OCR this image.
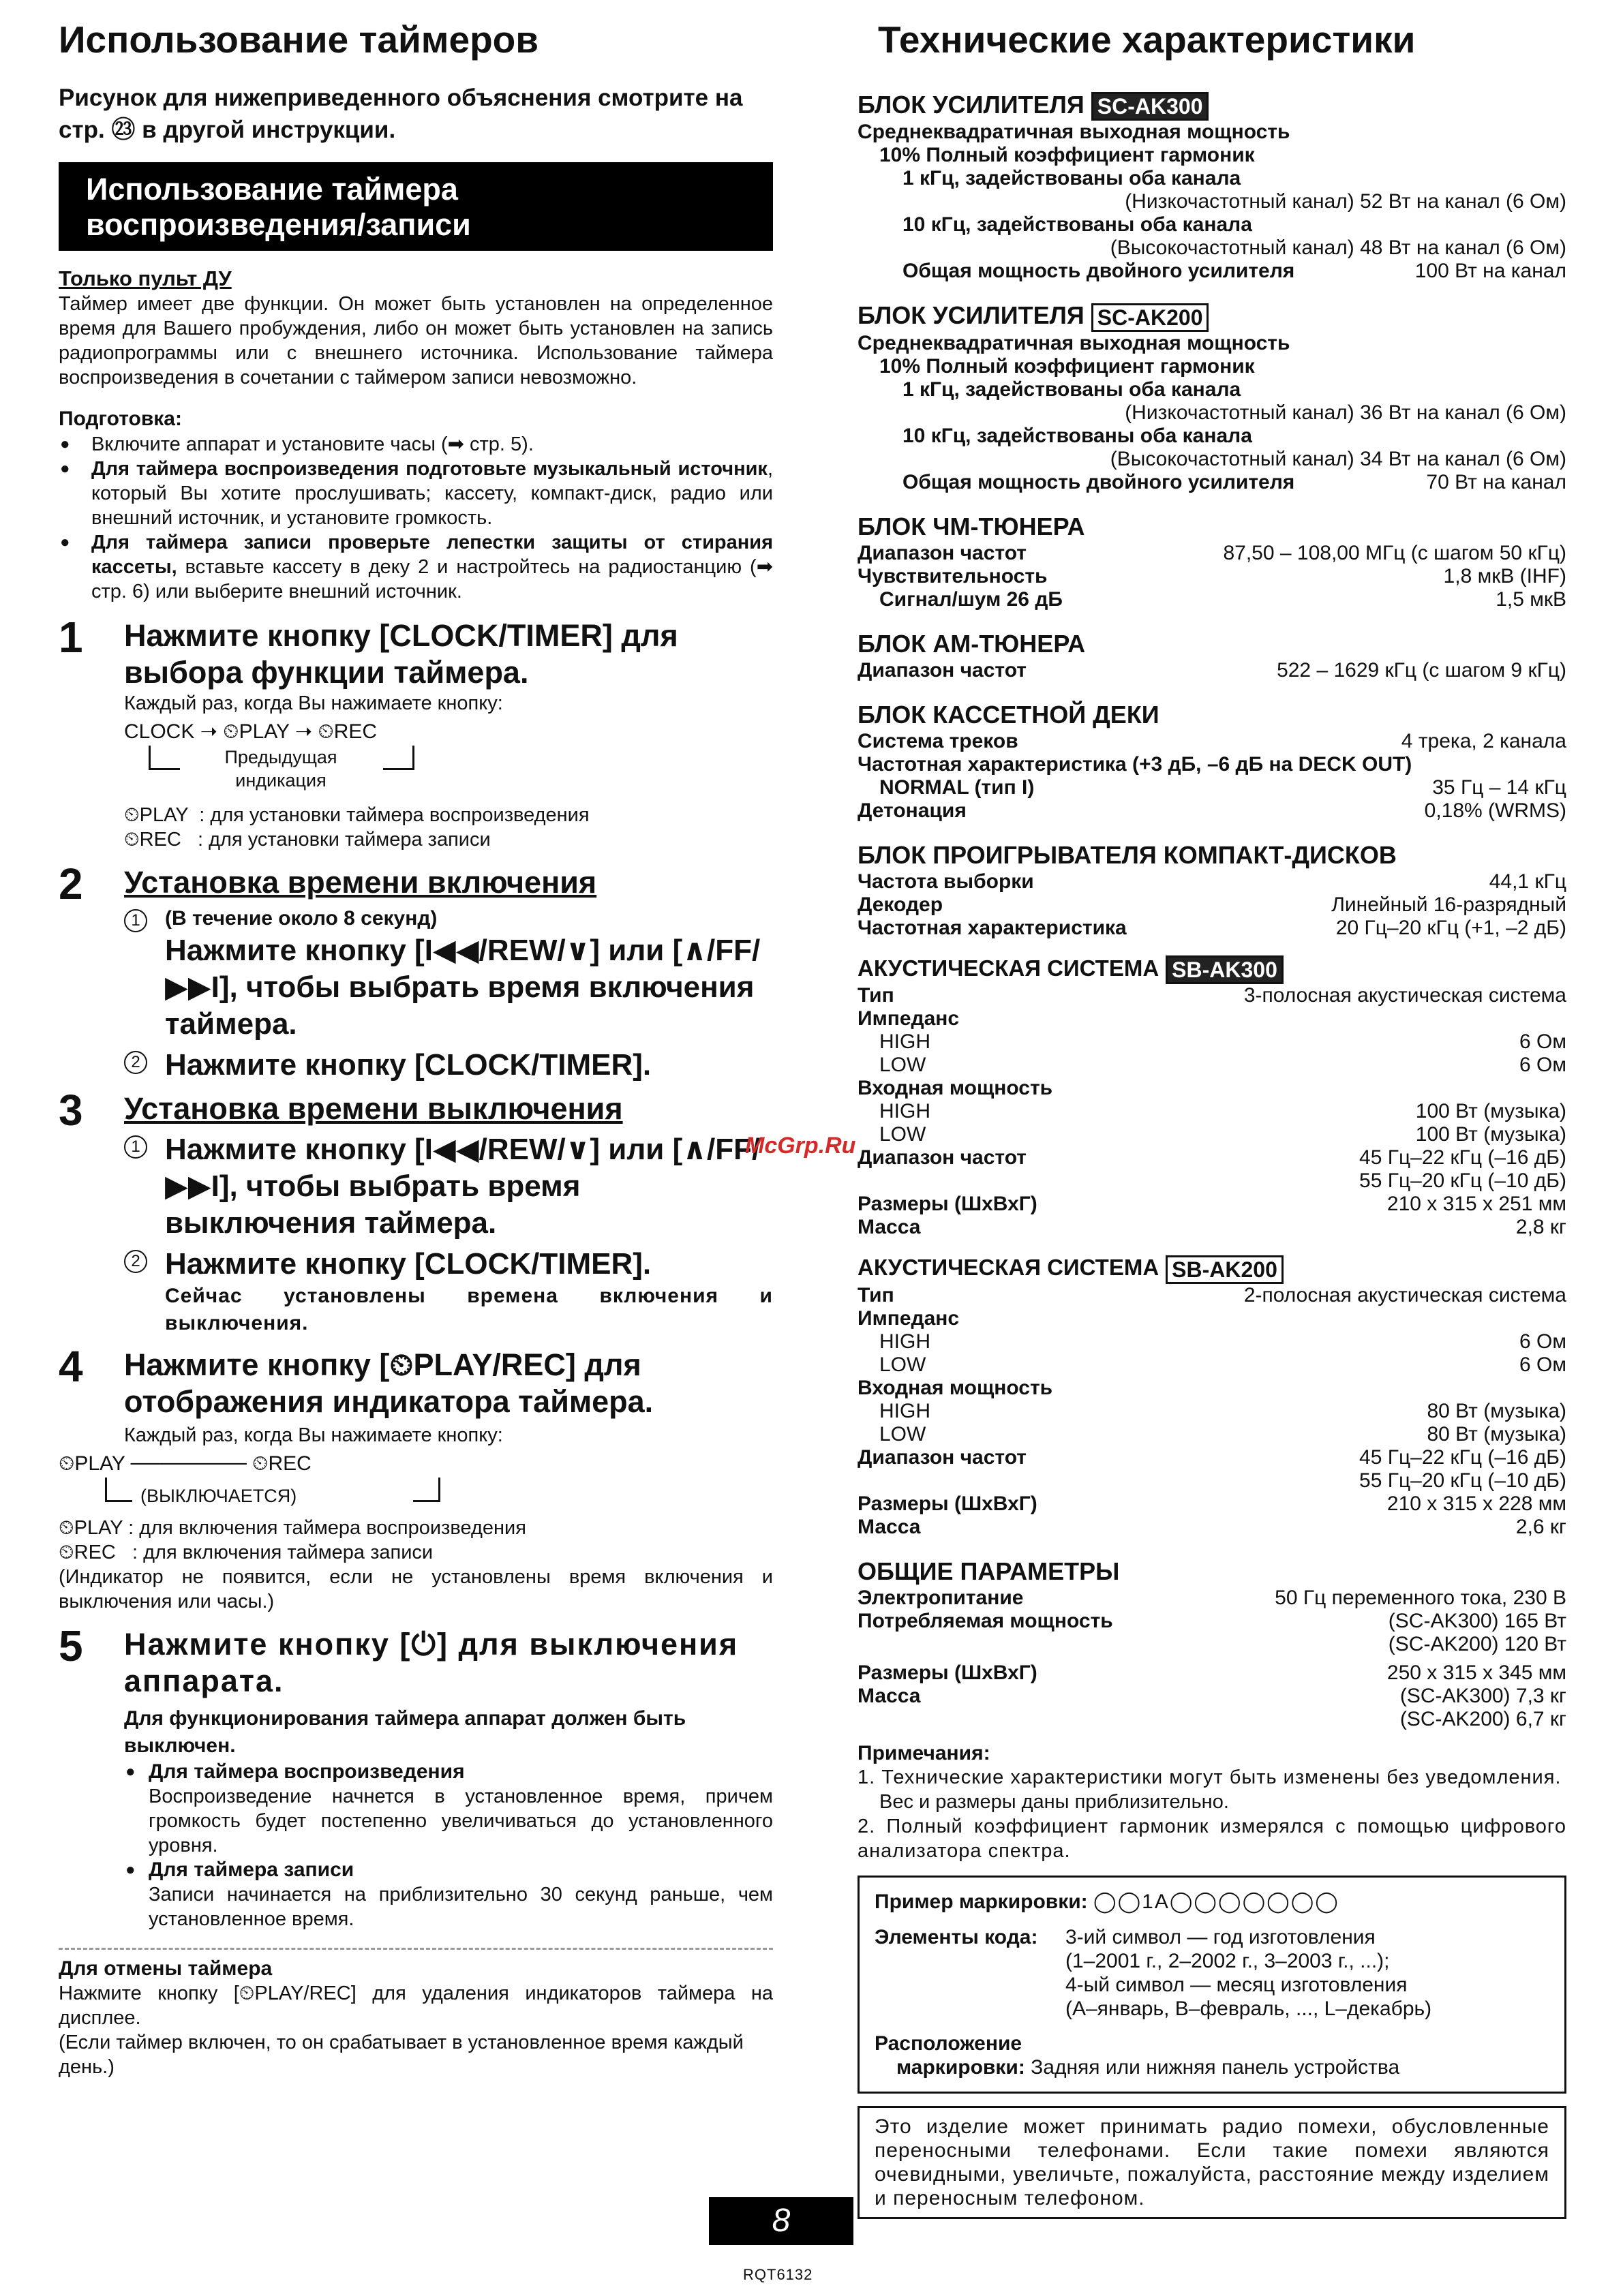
Использование таймеров
Рисунок для нижеприведенного объяснения смотрите на стр. ㉓ в другой инструкции.
Использование таймера
воспроизведения/записи
Только пульт ДУ
Таймер имеет две функции. Он может быть установлен на определенное время для Вашего пробуждения, либо он может быть установлен на запись радиопрограммы или с внешнего источника. Использование таймера воспроизведения в сочетании с таймером записи невозможно.
Подготовка:
● Включите аппарат и установите часы (➡ стр. 5).
● Для таймера воспроизведения подготовьте музыкальный источник, который Вы хотите прослушивать; кассету, компакт-диск, радио или внешний источник, и установите громкость.
● Для таймера записи проверьте лепестки защиты от стирания кассеты, вставьте кассету в деку 2 и настройтесь на радиостанцию (➡ стр. 6) или выберите внешний источник.
1 Нажмите кнопку [CLOCK/TIMER] для выбора функции таймера.
Каждый раз, когда Вы нажимаете кнопку:
CLOCK ➝ ⏲PLAY ➝ ⏲REC
Предыдущая
индикация
⏲PLAY  : для установки таймера воспроизведения
⏲REC   : для установки таймера записи
2 Установка времени включения
1	(В течение около 8 секунд)
Нажмите кнопку [I◀◀/REW/∨] или [∧/FF/▶▶I], чтобы выбрать время включения таймера.
2 Нажмите кнопку [CLOCK/TIMER].
3 Установка времени выключения
1 Нажмите кнопку [I◀◀/REW/∨] или [∧/FF/▶▶I], чтобы выбрать время выключения таймера.
2 Нажмите кнопку [CLOCK/TIMER].
Сейчас установлены времена включения и выключения.
4 Нажмите кнопку [⏲PLAY/REC] для отображения индикатора таймера.
Каждый раз, когда Вы нажимаете кнопку:
⏲PLAY ──────── ⏲REC
(ВЫКЛЮЧАЕТСЯ)
⏲PLAY : для включения таймера воспроизведения
⏲REC   : для включения таймера записи
(Индикатор не появится, если не установлены время включения и выключения или часы.)
5 Нажмите кнопку [⏻] для выключения аппарата.
Для функционирования таймера аппарат должен быть выключен.
● Для таймера воспроизведения
Воспроизведение начнется в установленное время, причем громкость будет постепенно увеличиваться до установленного уровня.
● Для таймера записи
Записи начинается на приблизительно 30 секунд раньше, чем установленное время.
Для отмены таймера
Нажмите кнопку [⏲PLAY/REC] для удаления индикаторов таймера на дисплее.
(Если таймер включен, то он срабатывает в установленное время каждый день.)
Технические характеристики
БЛОК УСИЛИТЕЛЯ SC-AK300
Среднеквадратичная выходная мощность
10% Полный коэффициент гармоник
1 кГц, задействованы оба канала
(Низкочастотный канал) 52 Вт на канал (6 Ом)
10 кГц, задействованы оба канала
(Высокочастотный канал) 48 Вт на канал (6 Ом)
Общая мощность двойного усилителя	100 Вт на канал
БЛОК УСИЛИТЕЛЯ SC-AK200
Среднеквадратичная выходная мощность
10% Полный коэффициент гармоник
1 кГц, задействованы оба канала
(Низкочастотный канал) 36 Вт на канал (6 Ом)
10 кГц, задействованы оба канала
(Высокочастотный канал) 34 Вт на канал (6 Ом)
Общая мощность двойного усилителя	70 Вт на канал
БЛОК ЧМ-ТЮНЕРА
Диапазон частот	87,50 – 108,00 МГц (с шагом 50 кГц)
Чувствительность	1,8 мкВ (IHF)
Сигнал/шум 26 дБ	1,5 мкВ
БЛОК АМ-ТЮНЕРА
Диапазон частот	522 – 1629 кГц (с шагом 9 кГц)
БЛОК КАССЕТНОЙ ДЕКИ
Система треков	4 трека, 2 канала
Частотная характеристика (+3 дБ, –6 дБ на DECK OUT)
NORMAL (тип I)	35 Гц – 14 кГц
Детонация	0,18% (WRMS)
БЛОК ПРОИГРЫВАТЕЛЯ КОМПАКТ-ДИСКОВ
Частота выборки	44,1 кГц
Декодер	Линейный 16-разрядный
Частотная характеристика	20 Гц–20 кГц (+1, –2 дБ)
АКУСТИЧЕСКАЯ СИСТЕМА SB-AK300
Тип	3-полосная акустическая система
Импеданс
HIGH	6 Ом
LOW	6 Ом
Входная мощность
HIGH	100 Вт (музыка)
LOW	100 Вт (музыка)
Диапазон частот	45 Гц–22 кГц (–16 дБ)
55 Гц–20 кГц (–10 дБ)
Размеры (ШхВхГ)	210 x 315 x 251 мм
Масса	2,8 кг
АКУСТИЧЕСКАЯ СИСТЕМА SB-AK200
Тип	2-полосная акустическая система
Импеданс
HIGH	6 Ом
LOW	6 Ом
Входная мощность
HIGH	80 Вт (музыка)
LOW	80 Вт (музыка)
Диапазон частот	45 Гц–22 кГц (–16 дБ)
55 Гц–20 кГц (–10 дБ)
Размеры (ШхВхГ)	210 x 315 x 228 мм
Масса	2,6 кг
ОБЩИЕ ПАРАМЕТРЫ
Электропитание	50 Гц переменного тока, 230 В
Потребляемая мощность	(SC-AK300) 165 Вт
(SC-AK200) 120 Вт
Размеры (ШхВхГ)	250 x 315 x 345 мм
Масса	(SC-AK300) 7,3 кг
(SC-AK200) 6,7 кг
Примечания:
1. Технические характеристики могут быть изменены без уведомления.
Вес и размеры даны приблизительно.
2. Полный коэффициент гармоник измерялся с помощью цифрового анализатора спектра.
Пример маркировки: ◯◯1A◯◯◯◯◯◯◯
Элементы кода:	3-ий символ — год изготовления
(1–2001 г., 2–2002 г., 3–2003 г., ...);
4-ый символ — месяц изготовления
(А–январь, В–февраль, ..., L–декабрь)
Расположение
маркировки: Задняя или нижняя панель устройства
Это изделие может принимать радио помехи, обусловленные переносными телефонами. Если такие помехи являются очевидными, увеличьте, пожалуйста, расстояние между изделием и переносным телефоном.
McGrp.Ru
8
RQT6132
